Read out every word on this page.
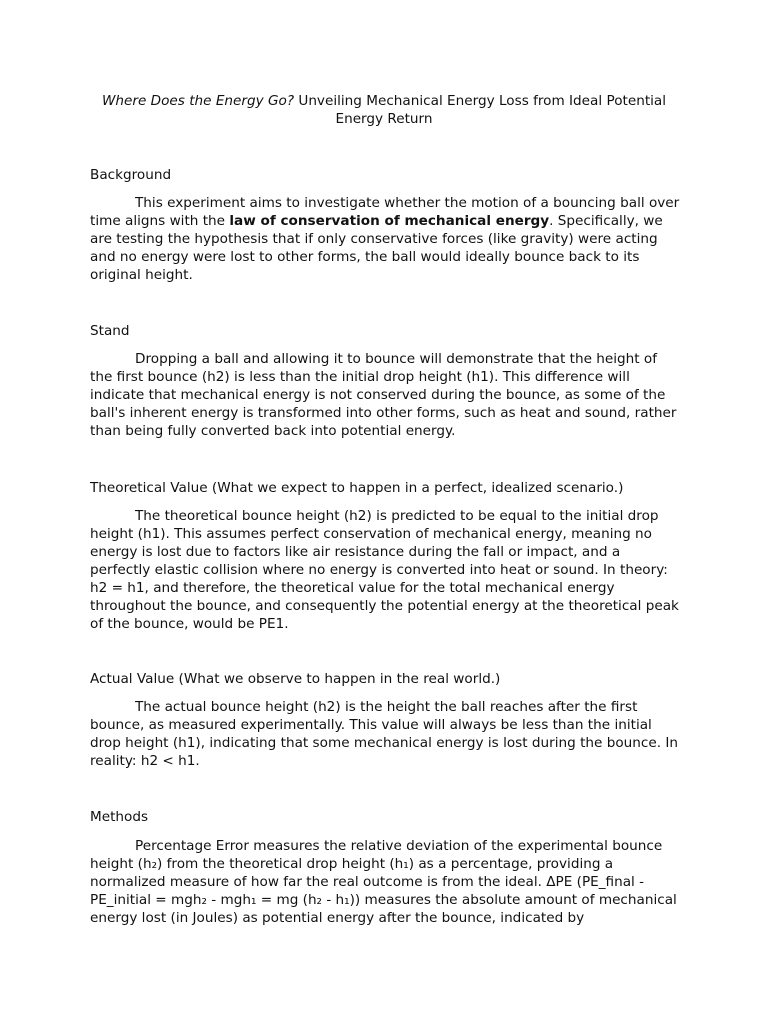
Where Does the Energy Go? Unveiling Mechanical Energy Loss from Ideal Potential Energy Return
Background

This experiment aims to investigate whether the motion of a bouncing ball over time aligns with the law of conservation of mechanical energy. Specifically, we are testing the hypothesis that if only conservative forces (like gravity) were acting and no energy were lost to other forms, the ball would ideally bounce back to its original height.

Stand

Dropping a ball and allowing it to bounce will demonstrate that the height of the first bounce (h2) is less than the initial drop height (h1). This difference will indicate that mechanical energy is not conserved during the bounce, as some of the ball's inherent energy is transformed into other forms, such as heat and sound, rather than being fully converted back into potential energy.

Theoretical Value (What we expect to happen in a perfect, idealized scenario.)

The theoretical bounce height (h2) is predicted to be equal to the initial drop height (h1). This assumes perfect conservation of mechanical energy, meaning no energy is lost due to factors like air resistance during the fall or impact, and a perfectly elastic collision where no energy is converted into heat or sound. In theory: h2 = h1, and therefore, the theoretical value for the total mechanical energy throughout the bounce, and consequently the potential energy at the theoretical peak of the bounce, would be PE1.

Actual Value (What we observe to happen in the real world.)

The actual bounce height (h2) is the height the ball reaches after the first bounce, as measured experimentally. This value will always be less than the initial drop height (h1), indicating that some mechanical energy is lost during the bounce. In reality: h2 < h1.

Methods

Percentage Error measures the relative deviation of the experimental bounce height (h₂) from the theoretical drop height (h₁) as a percentage, providing a normalized measure of how far the real outcome is from the ideal. ΔPE (PE_final - PE_initial = mgh₂ - mgh₁ = mg (h₂ - h₁)) measures the absolute amount of mechanical energy lost (in Joules) as potential energy after the bounce, indicated by
